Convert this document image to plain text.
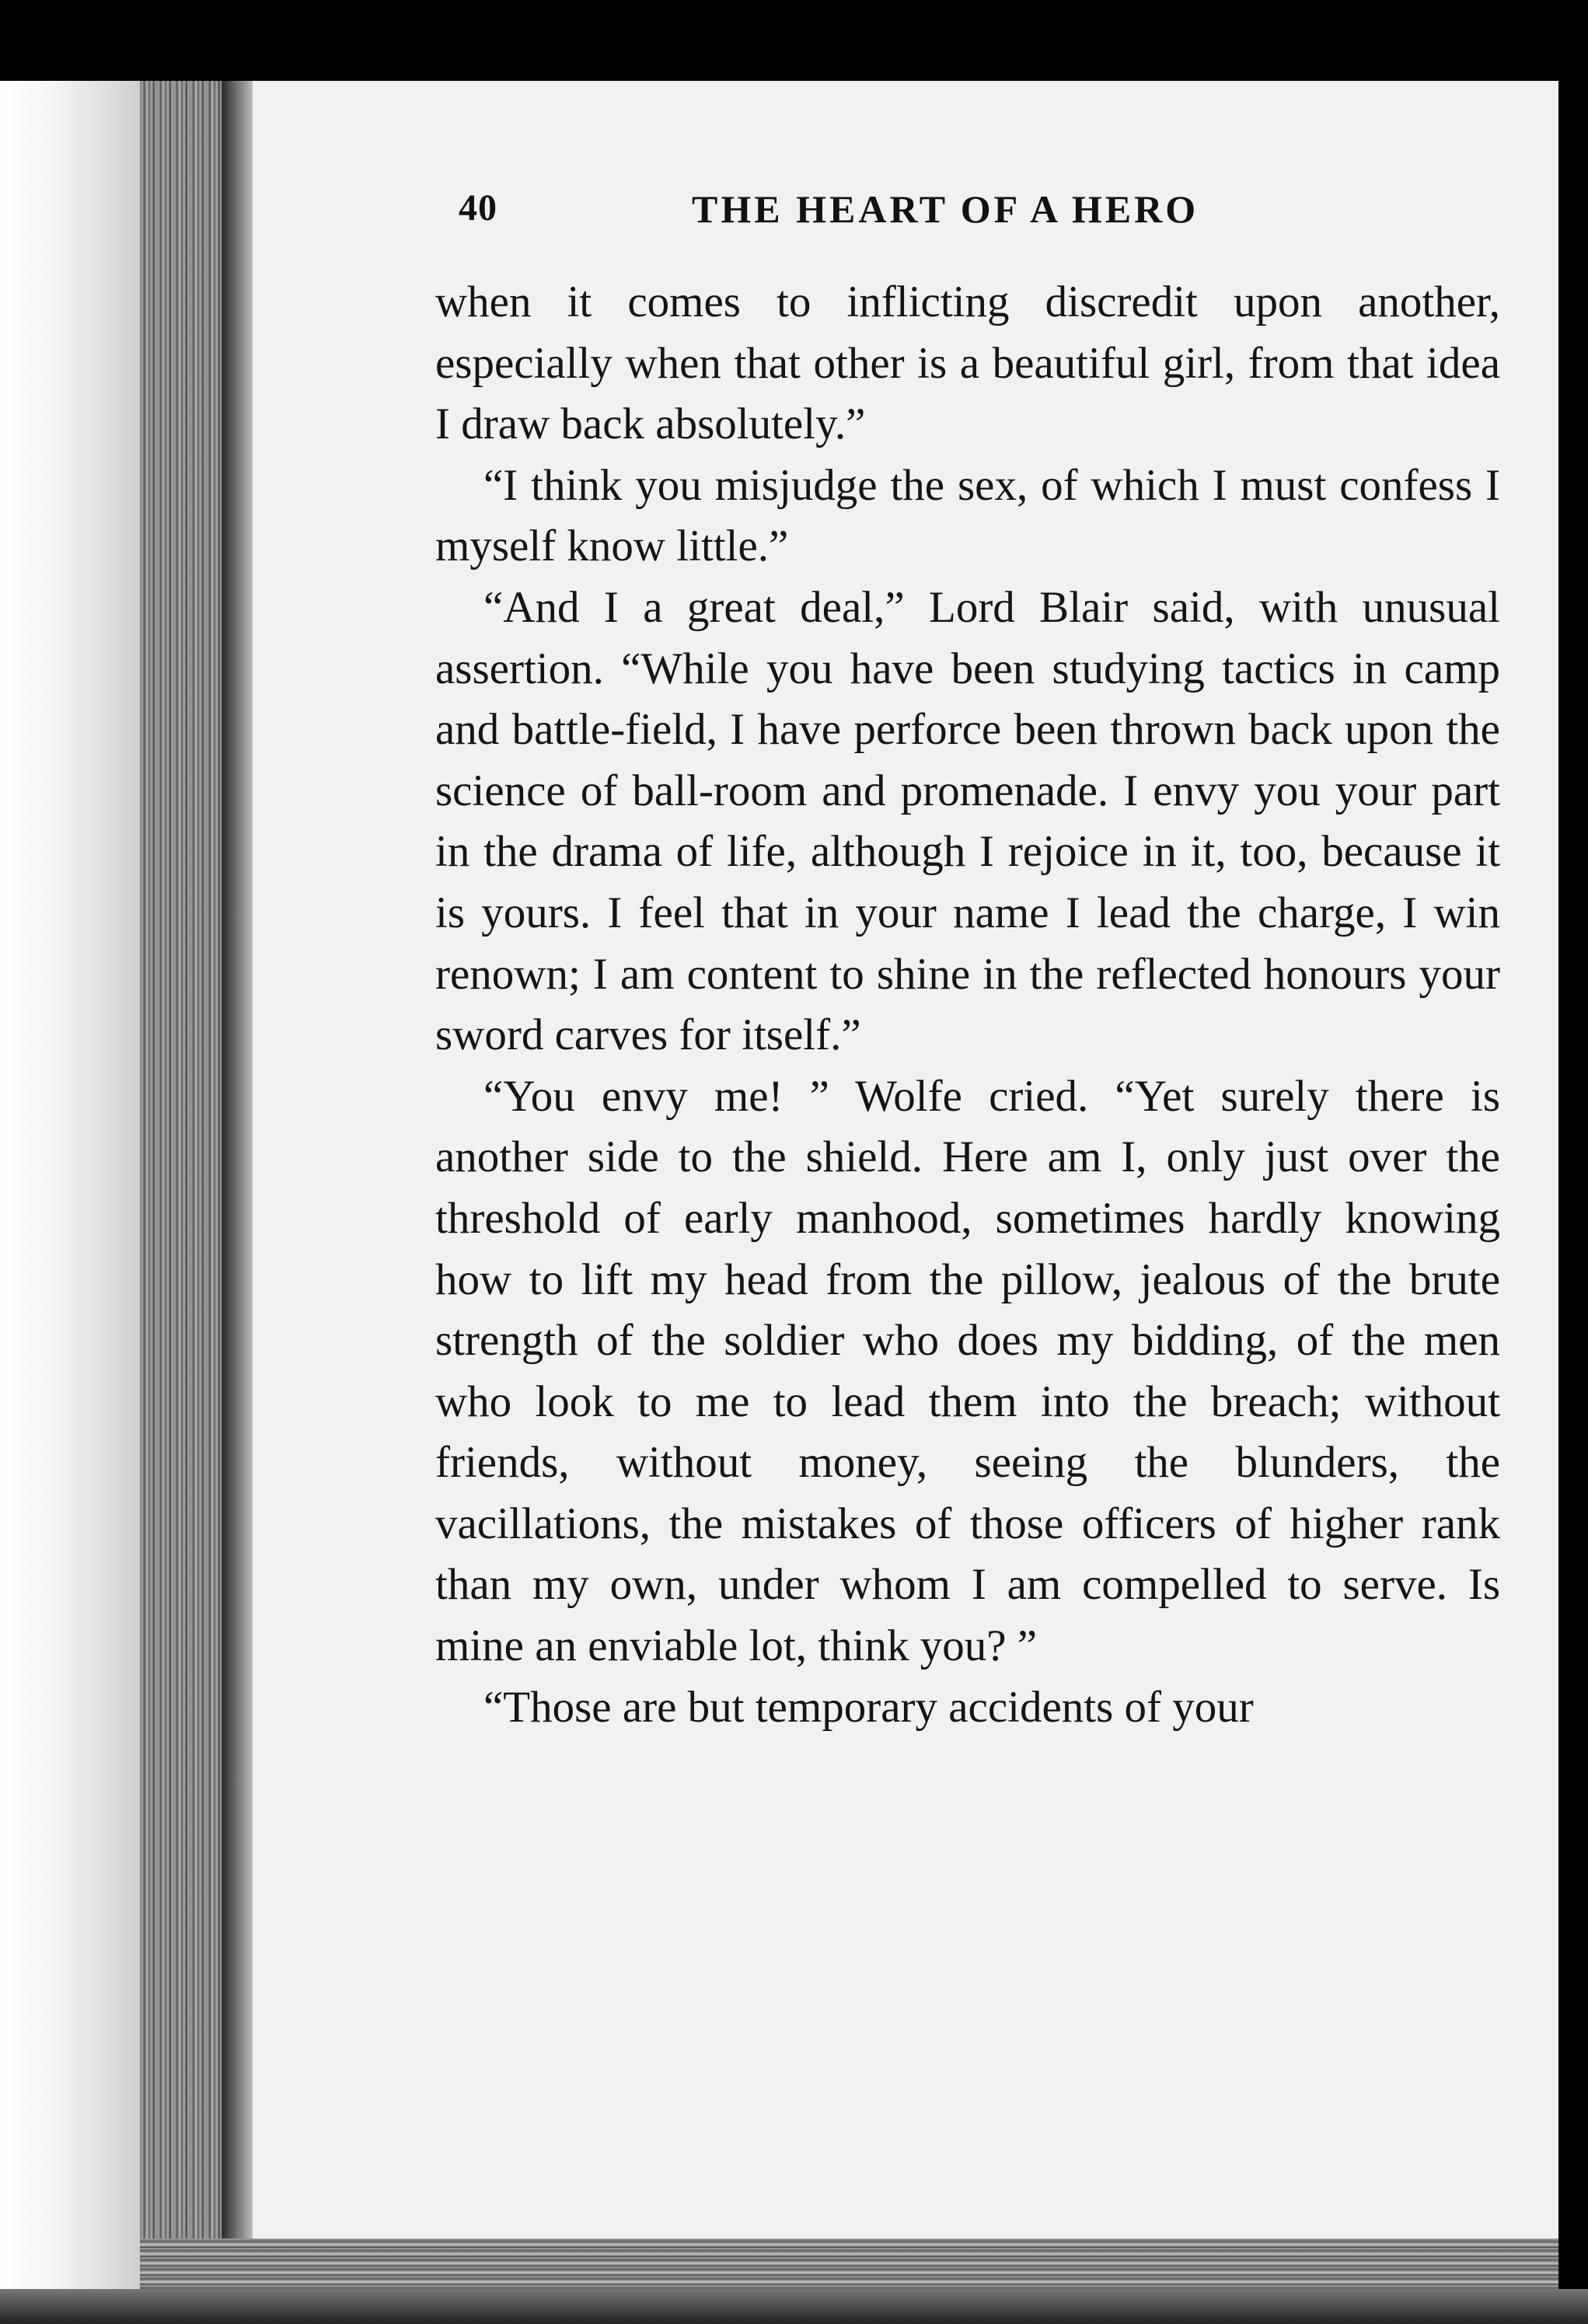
40	THE HEART OF A HERO

when it comes to inflicting discredit upon another, especially when that other is a beautiful girl, from that idea I draw back absolutely.”

“I think you misjudge the sex, of which I must confess I myself know little.”

“And I a great deal,” Lord Blair said, with unusual assertion. “While you have been studying tactics in camp and battle-field, I have perforce been thrown back upon the science of ball-room and promenade. I envy you your part in the drama of life, although I rejoice in it, too, because it is yours. I feel that in your name I lead the charge, I win renown; I am content to shine in the reflected honours your sword carves for itself.”

“You envy me! ” Wolfe cried. “Yet surely there is another side to the shield. Here am I, only just over the threshold of early manhood, sometimes hardly knowing how to lift my head from the pillow, jealous of the brute strength of the soldier who does my bidding, of the men who look to me to lead them into the breach; without friends, without money, seeing the blunders, the vacillations, the mistakes of those officers of higher rank than my own, under whom I am compelled to serve. Is mine an enviable lot, think you? ”

“Those are but temporary accidents of your
